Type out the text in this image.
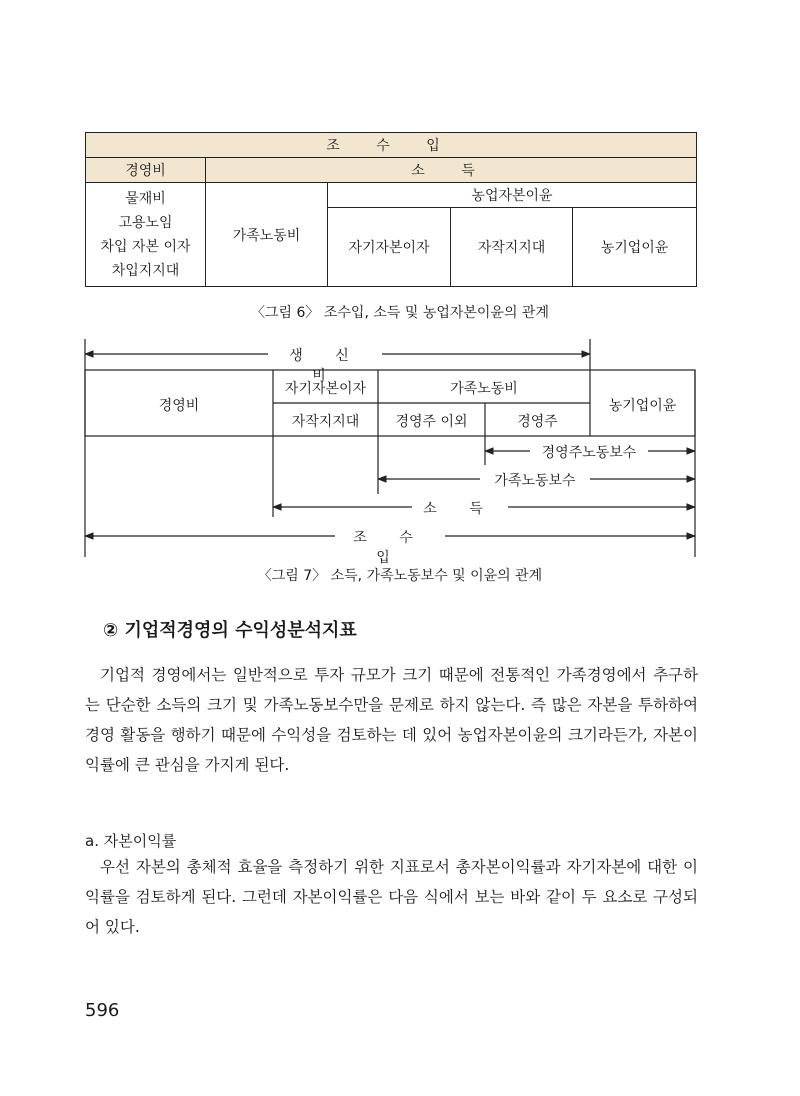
조 수 입				
경영비	소 득			

물재비
고용노임
차입 자본 이자
차입지지대	가족노동비	농업자본이윤		
		자기자본이자	자작지지대	농기업이윤
〈그림 6〉 조수입, 소득 및 농업자본이윤의 관계
생 신 비
경영비
자기자본이자	가족노동비
농기업이윤
자작지지대	경영주 이외	경영주
경영주노동보수
가족노동보수
소 득
조 수 입
〈그림 7〉 소득, 가족노동보수 및 이윤의 관계
② 기업적경영의 수익성분석지표
기업적 경영에서는 일반적으로 투자 규모가 크기 때문에 전통적인 가족경영에서 추구하는 단순한 소득의 크기 및 가족노동보수만을 문제로 하지 않는다. 즉 많은 자본을 투하하여 경영 활동을 행하기 때문에 수익성을 검토하는 데 있어 농업자본이윤의 크기라든가, 자본이익률에 큰 관심을 가지게 된다.
a. 자본이익률
우선 자본의 총체적 효율을 측정하기 위한 지표로서 총자본이익률과 자기자본에 대한 이익률을 검토하게 된다. 그런데 자본이익률은 다음 식에서 보는 바와 같이 두 요소로 구성되어 있다.
596
